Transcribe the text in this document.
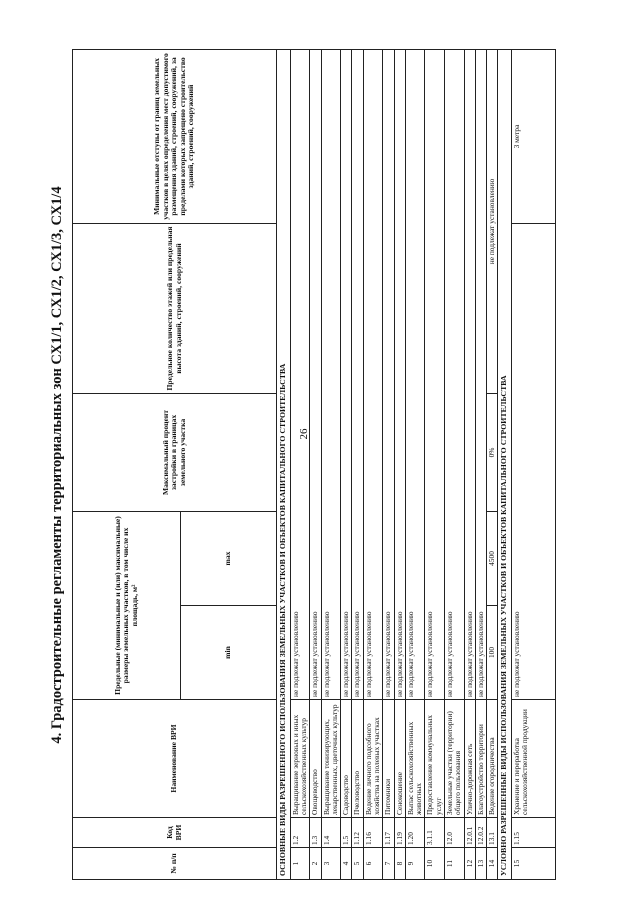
26
4. Градостроительные регламенты территориальных зон СХ1/1, СХ1/2, СХ1/3, СХ1/4
№ п/п	Код ВРИ	Наименование ВРИ	Предельные (минимальные и (или) максимальные) размеры земельных участков, в том числе их площадь, м²		Максимальный процент застройки в границах земельного участка	Предельное количество этажей или предельная высота зданий, строений, сооружений	Минимальные отступы от границ земельных участков в целях определения мест допустимого размещения зданий, строений, сооружений, за пределами которых запрещено строительство зданий, строений, сооружений
			min	max			
ОСНОВНЫЕ ВИДЫ РАЗРЕШЕННОГО ИСПОЛЬЗОВАНИЯ ЗЕМЕЛЬНЫХ УЧАСТКОВ И ОБЪЕКТОВ КАПИТАЛЬНОГО СТРОИТЕЛЬСТВА							
1	1.2	Выращивание зерновых и иных сельскохозяйственных культур	не подлежат установлению				
2	1.3	Овощеводство	не подлежат установлению				
3	1.4	Выращивание тонизирующих, лекарственных, цветочных культур	не подлежат установлению				
4	1.5	Садоводство	не подлежат установлению				
5	1.12	Пчеловодство	не подлежат установлению				
6	1.16	Ведение личного подсобного хозяйства на полевых участках	не подлежат установлению				
7	1.17	Питомники	не подлежат установлению				
8	1.19	Сенокошение	не подлежат установлению				
9	1.20	Выпас сельскохозяйственных животных	не подлежат установлению				
10	3.1.1	Предоставление коммунальных услуг	не подлежат установлению				
11	12.0	Земельные участки (территории) общего пользования	не подлежат установлению				
12	12.0.1	Улично-дорожная сеть	не подлежат установлению				
13	12.0.2	Благоустройство территории	не подлежат установлению				
14	13.1	Ведение огородничества	100	4500	0%	не подлежат установлению	
УСЛОВНО РАЗРЕШЕННЫЕ ВИДЫ ИСПОЛЬЗОВАНИЯ ЗЕМЕЛЬНЫХ УЧАСТКОВ И ОБЪЕКТОВ КАПИТАЛЬНОГО СТРОИТЕЛЬСТВА							
15	1.15	Хранение и переработка сельскохозяйственной продукции	не подлежат установлению				3 метра
